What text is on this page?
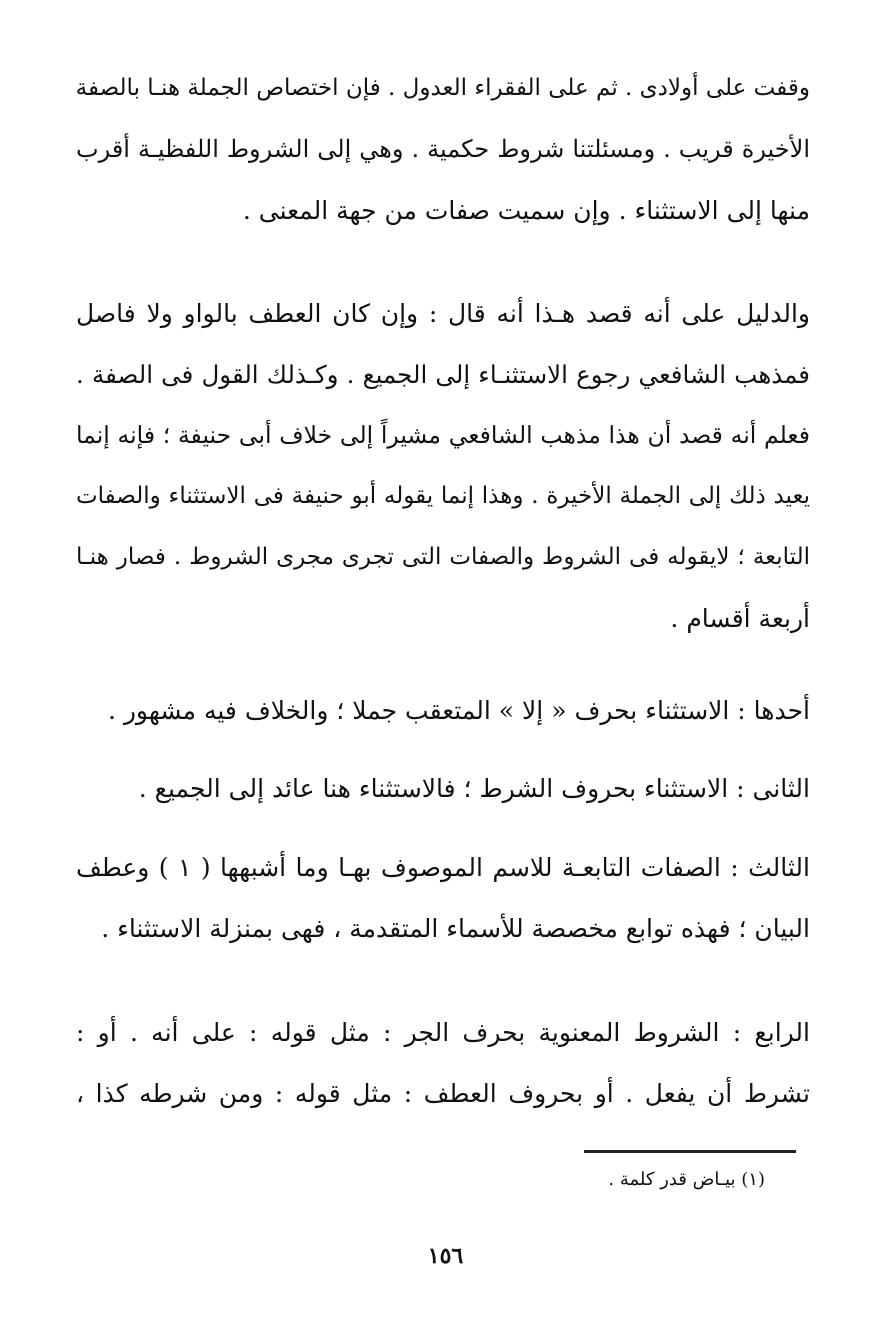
وقفت على أولادى . ثم على الفقراء العدول . فإن اختصاص الجملة هنـا بالصفة
الأخيرة قريب . ومسئلتنا شروط حكمية . وهي إلى الشروط اللفظيـة أقرب
منها إلى الاستثناء . وإن سميت صفات من جهة المعنى .
والدليل على أنه قصد هـذا أنه قال : وإن كان العطف بالواو ولا فاصل
فمذهب الشافعي رجوع الاستثنـاء إلى الجميع . وكـذلك القول فى الصفة .
فعلم أنه قصد أن هذا مذهب الشافعي مشيراً إلى خلاف أبى حنيفة ؛ فإنه إنما
يعيد ذلك إلى الجملة الأخيرة . وهذا إنما يقوله أبو حنيفة فى الاستثناء والصفات
التابعة ؛ لايقوله فى الشروط والصفات التى تجرى مجرى الشروط . فصار هنـا
أربعة أقسام .
أحدها : الاستثناء بحرف « إلا » المتعقب جملا ؛ والخلاف فيه مشهور .
الثانى : الاستثناء بحروف الشرط ؛ فالاستثناء هنا عائد إلى الجميع .
الثالث : الصفات التابعـة للاسم الموصوف بهـا وما أشبهها ( ١ ) وعطف
البيان ؛ فهذه توابع مخصصة للأسماء المتقدمة ، فهى بمنزلة الاستثناء .
الرابع : الشروط المعنوية بحرف الجر : مثل قوله : على أنه . أو :
تشرط أن يفعل . أو بحروف العطف : مثل قوله : ومن شرطه كذا ،
(١) بيـاض قدر كلمة .
١٥٦
